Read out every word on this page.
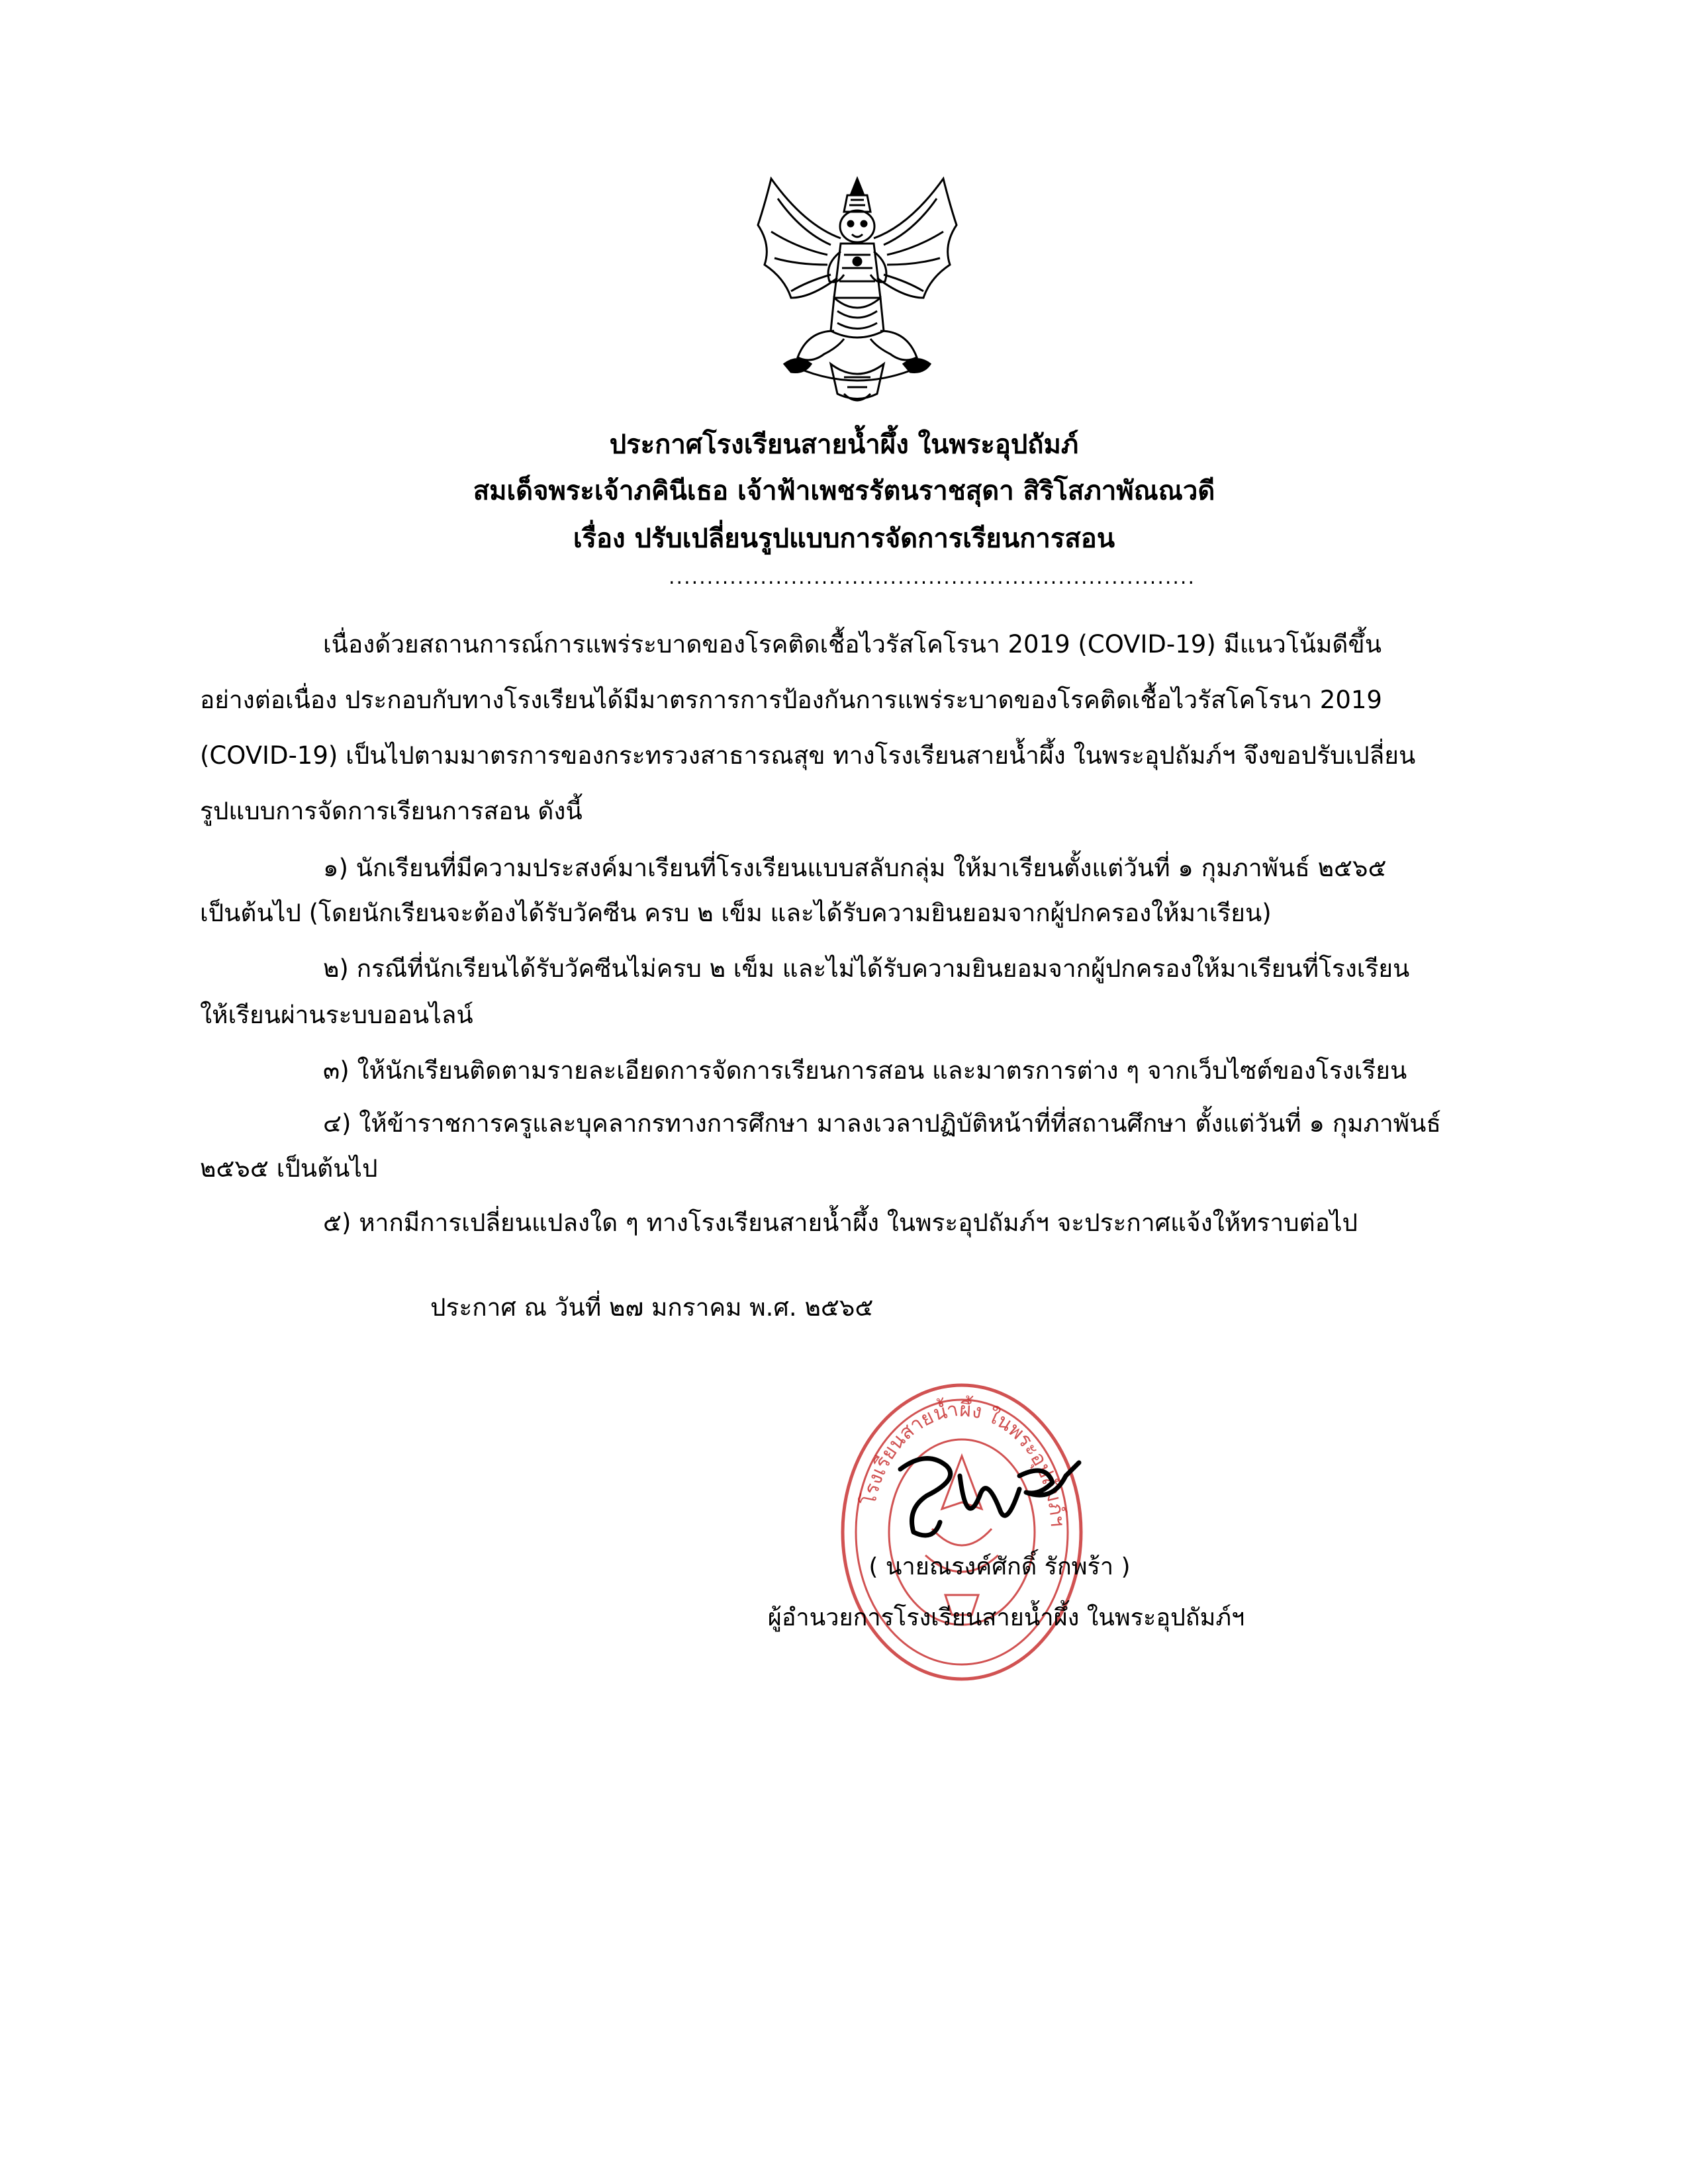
ประกาศโรงเรียนสายน้ำผึ้ง ในพระอุปถัมภ์
สมเด็จพระเจ้าภคินีเธอ เจ้าฟ้าเพชรรัตนราชสุดา สิริโสภาพัณณวดี
เรื่อง ปรับเปลี่ยนรูปแบบการจัดการเรียนการสอน
.....................................................................
เนื่องด้วยสถานการณ์การแพร่ระบาดของโรคติดเชื้อไวรัสโคโรนา 2019 (COVID-19) มีแนวโน้มดีขึ้น
อย่างต่อเนื่อง ประกอบกับทางโรงเรียนได้มีมาตรการการป้องกันการแพร่ระบาดของโรคติดเชื้อไวรัสโคโรนา 2019
(COVID-19) เป็นไปตามมาตรการของกระทรวงสาธารณสุข ทางโรงเรียนสายน้ำผึ้ง ในพระอุปถัมภ์ฯ จึงขอปรับเปลี่ยน
รูปแบบการจัดการเรียนการสอน ดังนี้
๑) นักเรียนที่มีความประสงค์มาเรียนที่โรงเรียนแบบสลับกลุ่ม ให้มาเรียนตั้งแต่วันที่ ๑ กุมภาพันธ์ ๒๕๖๕
เป็นต้นไป (โดยนักเรียนจะต้องได้รับวัคซีน ครบ ๒ เข็ม และได้รับความยินยอมจากผู้ปกครองให้มาเรียน)
๒) กรณีที่นักเรียนได้รับวัคซีนไม่ครบ ๒ เข็ม และไม่ได้รับความยินยอมจากผู้ปกครองให้มาเรียนที่โรงเรียน
ให้เรียนผ่านระบบออนไลน์
๓) ให้นักเรียนติดตามรายละเอียดการจัดการเรียนการสอน และมาตรการต่าง ๆ จากเว็บไซต์ของโรงเรียน
๔) ให้ข้าราชการครูและบุคลากรทางการศึกษา มาลงเวลาปฏิบัติหน้าที่ที่สถานศึกษา ตั้งแต่วันที่ ๑ กุมภาพันธ์
๒๕๖๕ เป็นต้นไป
๕) หากมีการเปลี่ยนแปลงใด ๆ ทางโรงเรียนสายน้ำผึ้ง ในพระอุปถัมภ์ฯ จะประกาศแจ้งให้ทราบต่อไป
ประกาศ ณ วันที่ ๒๗ มกราคม พ.ศ. ๒๕๖๕
โรงเรียนสายน้ำผึ้ง ในพระอุปถัมภ์ฯ
( นายณรงค์ศักดิ์ รักพร้า )
ผู้อำนวยการโรงเรียนสายน้ำผึ้ง ในพระอุปถัมภ์ฯ
